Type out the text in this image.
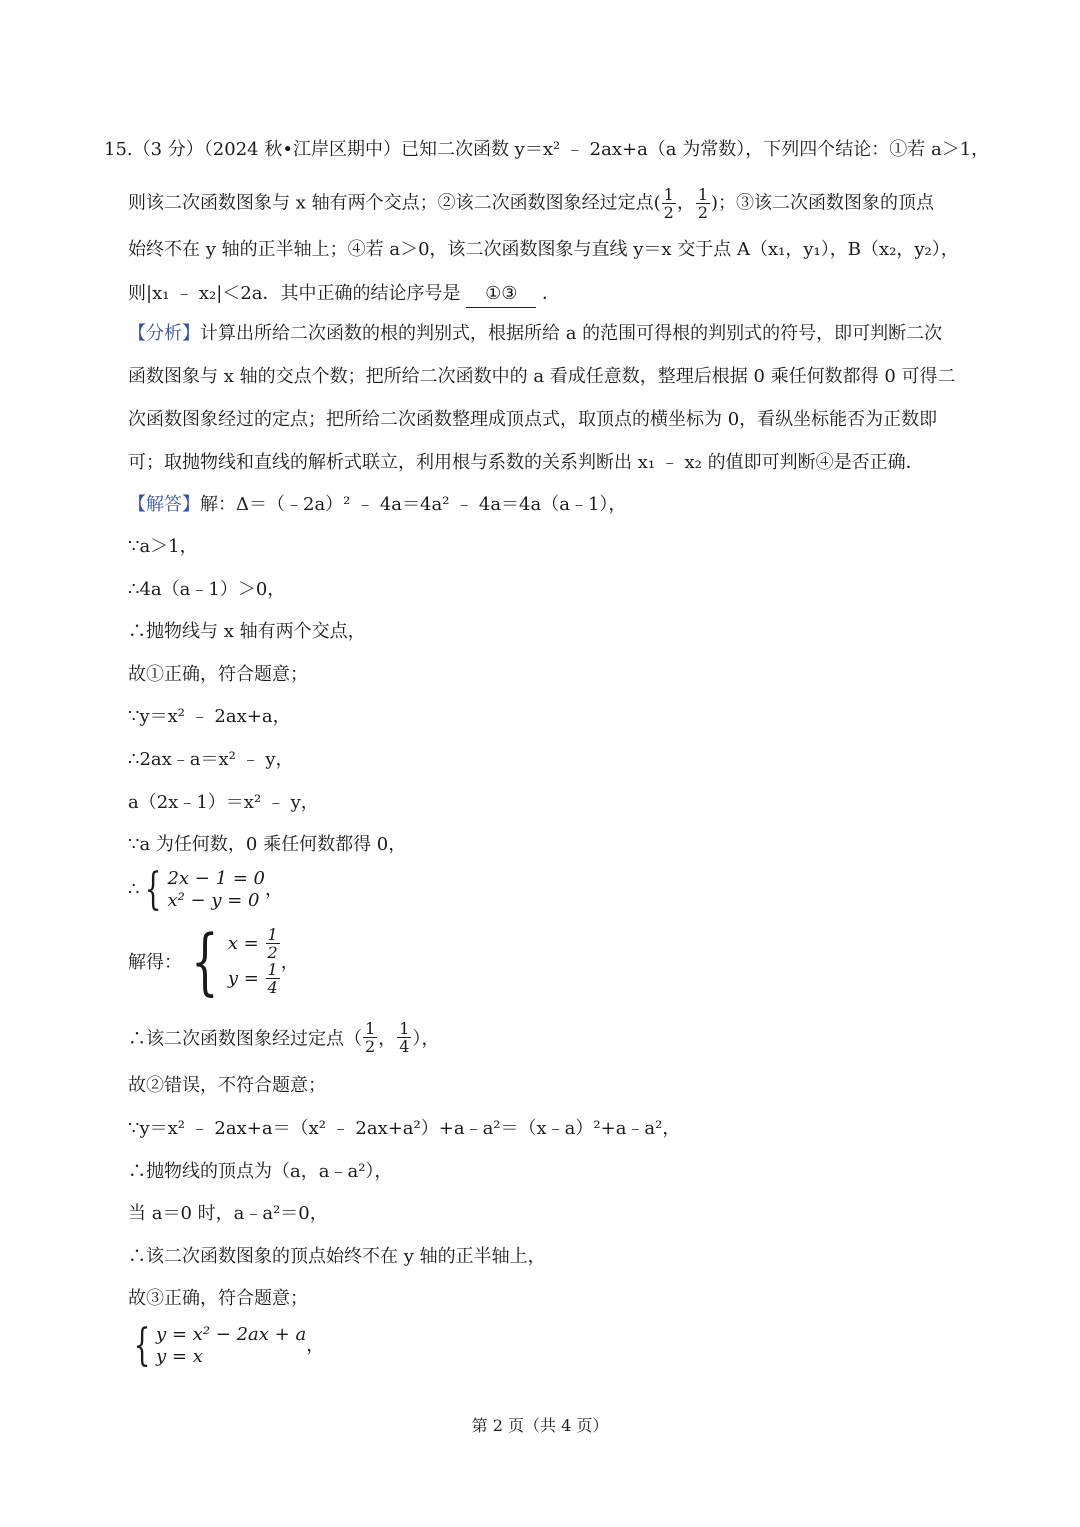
15.（3 分）（2024 秋•江岸区期中）已知二次函数 y＝x² ﹣ 2ax+a（a 为常数），下列四个结论：①若 a＞1，
则该二次函数图象与 x 轴有两个交点；②该二次函数图象经过定点( $\frac{1}{2}$ ， $\frac{1}{2}$ )；③该二次函数图象的顶点
始终不在 y 轴的正半轴上；④若 a＞0，该二次函数图象与直线 y＝x 交于点 A（x₁，y₁），B（x₂，y₂），
则|x₁ ﹣ x₂|＜2a．其中正确的结论序号是 ①③ ．
【分析】计算出所给二次函数的根的判别式，根据所给 a 的范围可得根的判别式的符号，即可判断二次
函数图象与 x 轴的交点个数；把所给二次函数中的 a 看成任意数，整理后根据 0 乘任何数都得 0 可得二
次函数图象经过的定点；把所给二次函数整理成顶点式，取顶点的横坐标为 0，看纵坐标能否为正数即
可；取抛物线和直线的解析式联立，利用根与系数的关系判断出 x₁ ﹣ x₂ 的值即可判断④是否正确．
【解答】解：Δ＝（﹣2a）² ﹣ 4a＝4a² ﹣ 4a＝4a（a﹣1），
∵a＞1，
∴4a（a﹣1）＞0，
∴抛物线与 x 轴有两个交点，
故①正确，符合题意；
∵y＝x² ﹣ 2ax+a，
∴2ax﹣a＝x² ﹣ y，
a（2x﹣1）＝x² ﹣ y，
∵a 为任何数，0 乘任何数都得 0，
∴ { 2x − 1 = 0
x² − y = 0
，
解得： { $x = \frac{1}{2}$
$y = \frac{1}{4}$ ，
∴该二次函数图象经过定点（ $\frac{1}{2}$ ， $\frac{1}{4}$ ），
故②错误，不符合题意；
∵y＝x² ﹣ 2ax+a＝（x² ﹣ 2ax+a²）+a﹣a²＝（x﹣a）²+a﹣a²，
∴抛物线的顶点为（a，a﹣a²），
当 a＝0 时，a﹣a²＝0，
∴该二次函数图象的顶点始终不在 y 轴的正半轴上，
故③正确，符合题意；
{ y = x² − 2ax + a
y = x
，
第 2 页（共 4 页）
